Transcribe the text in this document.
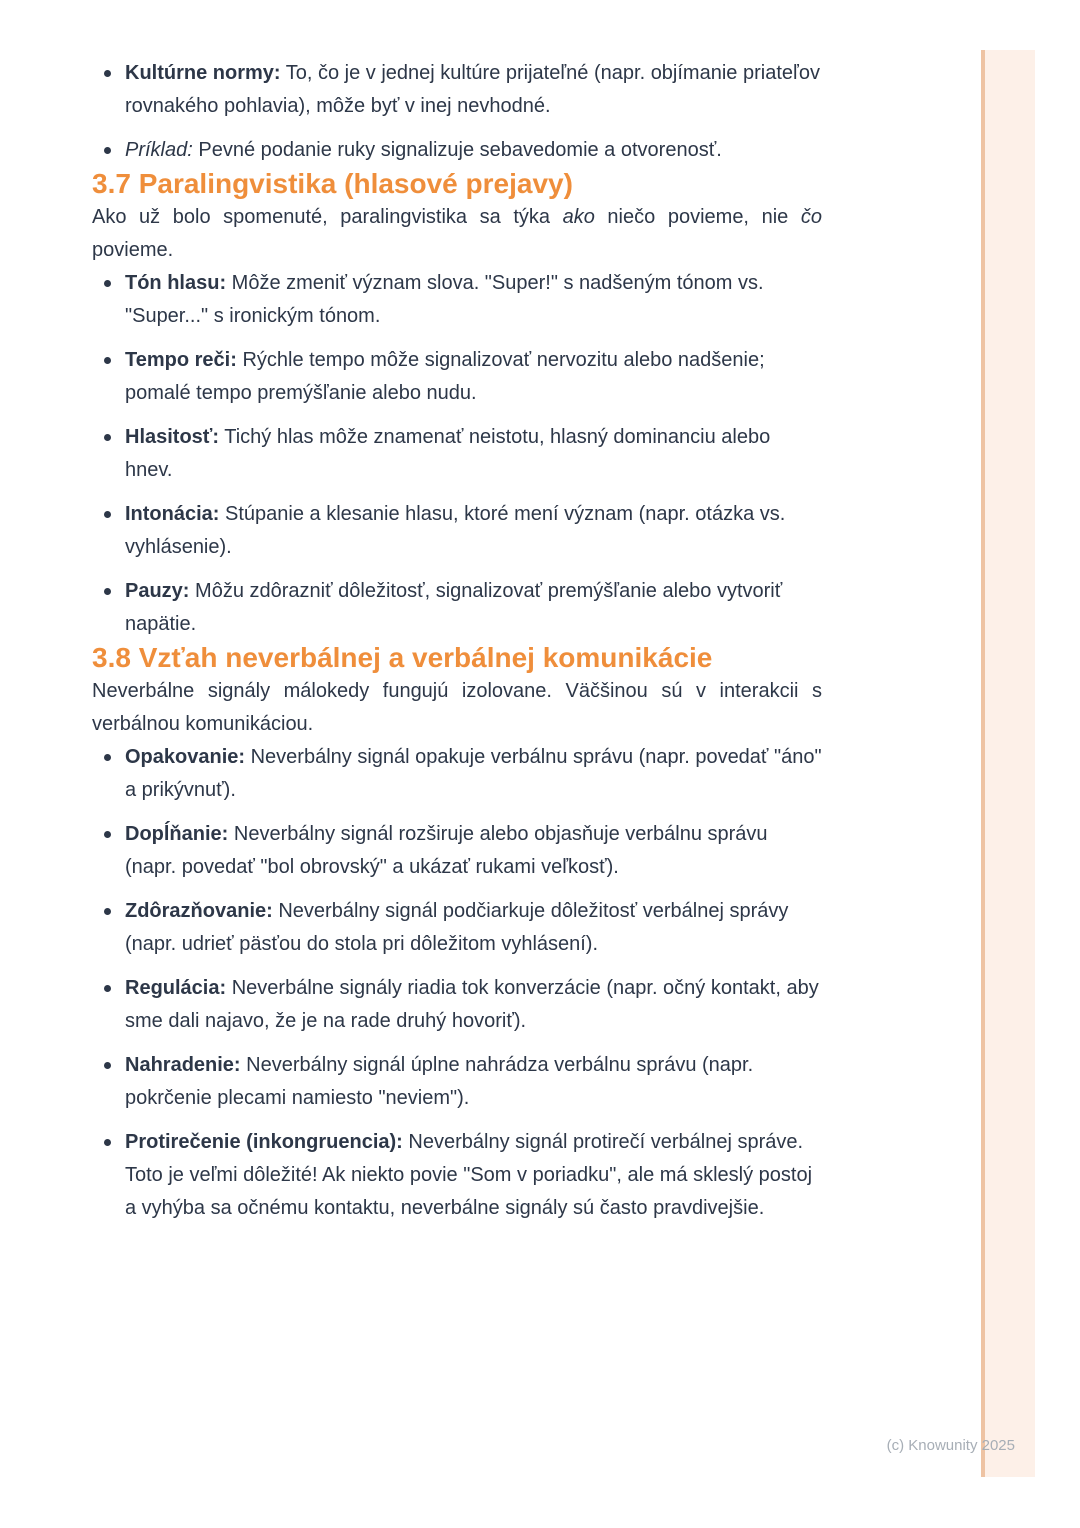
Kultúrne normy: To, čo je v jednej kultúre prijateľné (napr. objímanie priateľov rovnakého pohlavia), môže byť v inej nevhodné.
Príklad: Pevné podanie ruky signalizuje sebavedomie a otvorenosť.
3.7 Paralingvistika (hlasové prejavy)

Ako už bolo spomenuté, paralingvistika sa týka ako niečo povieme, nie čo povieme.

Tón hlasu: Môže zmeniť význam slova. "Super!" s nadšeným tónom vs. "Super..." s ironickým tónom.
Tempo reči: Rýchle tempo môže signalizovať nervozitu alebo nadšenie; pomalé tempo premýšľanie alebo nudu.
Hlasitosť: Tichý hlas môže znamenať neistotu, hlasný dominanciu alebo hnev.
Intonácia: Stúpanie a klesanie hlasu, ktoré mení význam (napr. otázka vs. vyhlásenie).
Pauzy: Môžu zdôrazniť dôležitosť, signalizovať premýšľanie alebo vytvoriť napätie.
3.8 Vzťah neverbálnej a verbálnej komunikácie

Neverbálne signály málokedy fungujú izolovane. Väčšinou sú v interakcii s verbálnou komunikáciou.

Opakovanie: Neverbálny signál opakuje verbálnu správu (napr. povedať "áno" a prikývnuť).
Dopĺňanie: Neverbálny signál rozširuje alebo objasňuje verbálnu správu (napr. povedať "bol obrovský" a ukázať rukami veľkosť).
Zdôrazňovanie: Neverbálny signál podčiarkuje dôležitosť verbálnej správy (napr. udrieť päsťou do stola pri dôležitom vyhlásení).
Regulácia: Neverbálne signály riadia tok konverzácie (napr. očný kontakt, aby sme dali najavo, že je na rade druhý hovoriť).
Nahradenie: Neverbálny signál úplne nahrádza verbálnu správu (napr. pokrčenie plecami namiesto "neviem").
Protirečenie (inkongruencia): Neverbálny signál protirečí verbálnej správe. Toto je veľmi dôležité! Ak niekto povie "Som v poriadku", ale má skleslý postoj a vyhýba sa očnému kontaktu, neverbálne signály sú často pravdivejšie.
(c) Knowunity 2025
